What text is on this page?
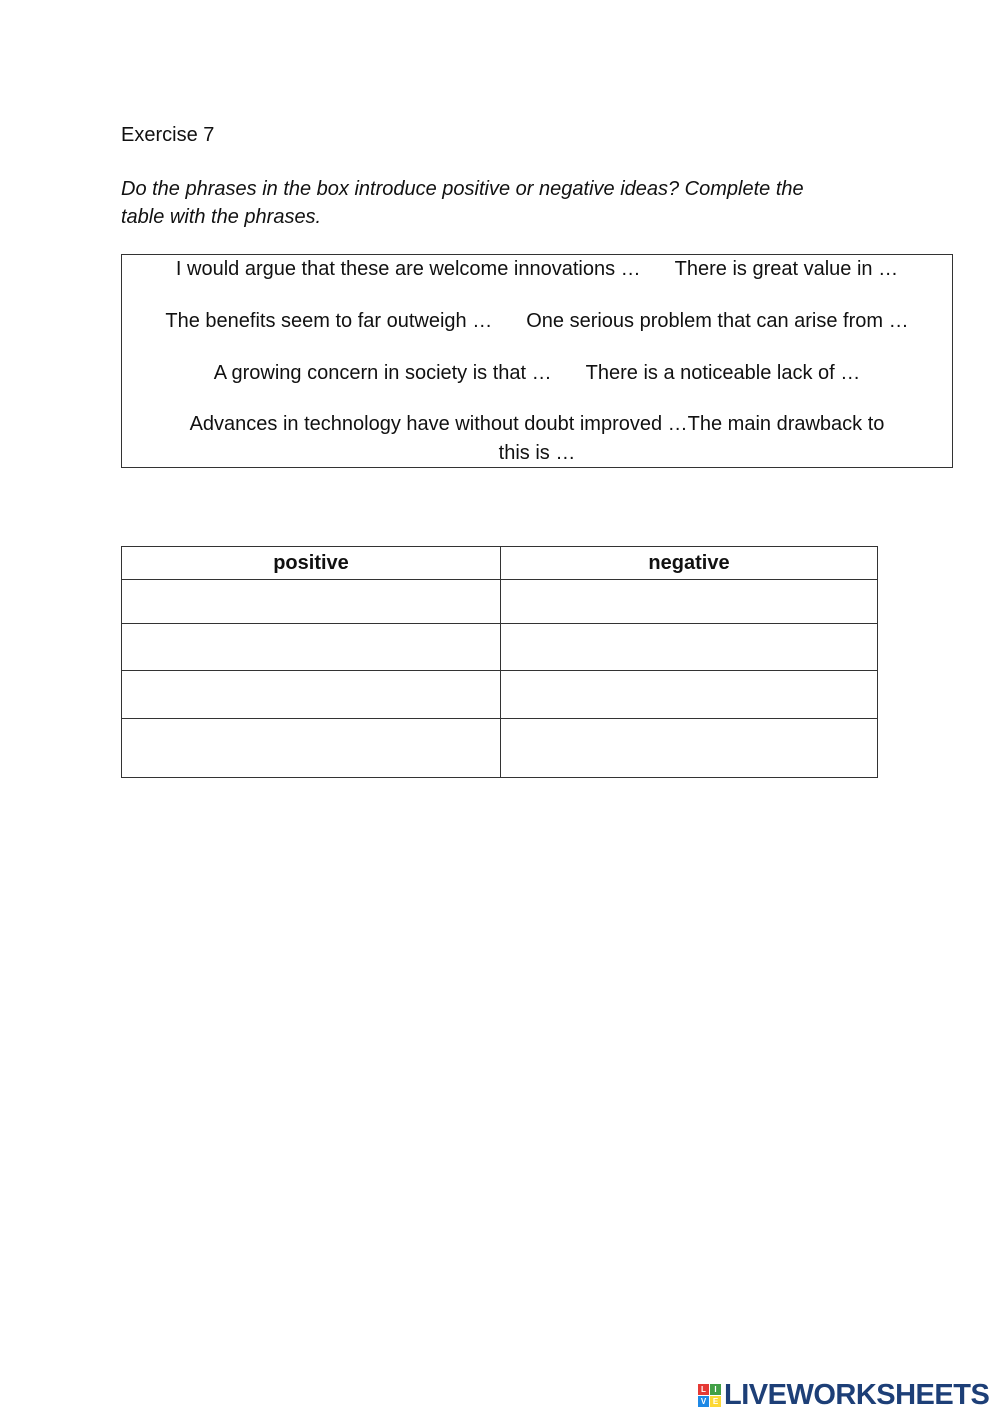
Exercise 7
Do the phrases in the box introduce positive or negative ideas? Complete the
table with the phrases.
I would argue that these are welcome innovations … There is great value in …
The benefits seem to far outweigh … One serious problem that can arise from …
A growing concern in society is that … There is a noticeable lack of …
Advances in technology have without doubt improved …The main drawback to
this is …
positive	negative

L	I
V E LIVEWORKSHEETS
